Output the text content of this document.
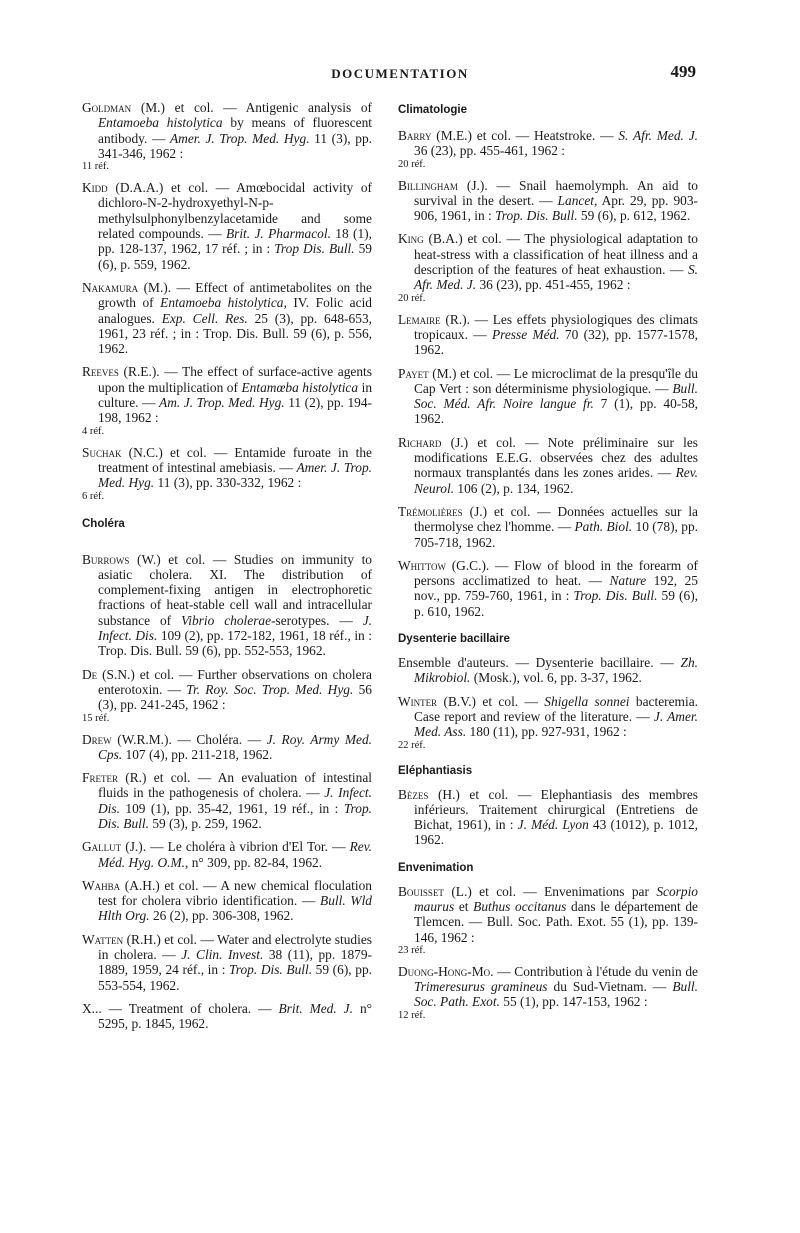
DOCUMENTATION	499

Goldman (M.) et col. — Antigenic analysis of Entamoeba histolytica by means of fluorescent antibody. — Amer. J. Trop. Med. Hyg. 11 (3), pp. 341-346, 1962 :
11 réf.

Kidd (D.A.A.) et col. — Amœbocidal activity of dichloro-N-2-hydroxyethyl-N-p-methylsulphonylbenzylacetamide and some related compounds. — Brit. J. Pharmacol. 18 (1), pp. 128-137, 1962, 17 réf. ; in : Trop Dis. Bull. 59 (6), p. 559, 1962.

Nakamura (M.). — Effect of antimetabolites on the growth of Entamoeba histolytica, IV. Folic acid analogues. Exp. Cell. Res. 25 (3), pp. 648-653, 1961, 23 réf. ; in : Trop. Dis. Bull. 59 (6), p. 556, 1962.

Reeves (R.E.). — The effect of surface-active agents upon the multiplication of Entamœba histolytica in culture. — Am. J. Trop. Med. Hyg. 11 (2), pp. 194-198, 1962 :
4 réf.

Suchak (N.C.) et col. — Entamide furoate in the treatment of intestinal amebiasis. — Amer. J. Trop. Med. Hyg. 11 (3), pp. 330-332, 1962 :
6 réf.

Choléra

Burrows (W.) et col. — Studies on immunity to asiatic cholera. XI. The distribution of complement-fixing antigen in electrophoretic fractions of heat-stable cell wall and intracellular substance of Vibrio cholerae-serotypes. — J. Infect. Dis. 109 (2), pp. 172-182, 1961, 18 réf., in : Trop. Dis. Bull. 59 (6), pp. 552-553, 1962.

De (S.N.) et col. — Further observations on cholera enterotoxin. — Tr. Roy. Soc. Trop. Med. Hyg. 56 (3), pp. 241-245, 1962 :
15 réf.

Drew (W.R.M.). — Choléra. — J. Roy. Army Med. Cps. 107 (4), pp. 211-218, 1962.

Freter (R.) et col. — An evaluation of intestinal fluids in the pathogenesis of cholera. — J. Infect. Dis. 109 (1), pp. 35-42, 1961, 19 réf., in : Trop. Dis. Bull. 59 (3), p. 259, 1962.

Gallut (J.). — Le choléra à vibrion d'El Tor. — Rev. Méd. Hyg. O.M., n° 309, pp. 82-84, 1962.

Wahba (A.H.) et col. — A new chemical floculation test for cholera vibrio identification. — Bull. Wld Hlth Org. 26 (2), pp. 306-308, 1962.

Watten (R.H.) et col. — Water and electrolyte studies in cholera. — J. Clin. Invest. 38 (11), pp. 1879-1889, 1959, 24 réf., in : Trop. Dis. Bull. 59 (6), pp. 553-554, 1962.

X... — Treatment of cholera. — Brit. Med. J. n° 5295, p. 1845, 1962.

Climatologie

Barry (M.E.) et col. — Heatstroke. — S. Afr. Med. J. 36 (23), pp. 455-461, 1962 :
20 réf.

Billingham (J.). — Snail haemolymph. An aid to survival in the desert. — Lancet, Apr. 29, pp. 903-906, 1961, in : Trop. Dis. Bull. 59 (6), p. 612, 1962.

King (B.A.) et col. — The physiological adaptation to heat-stress with a classification of heat illness and a description of the features of heat exhaustion. — S. Afr. Med. J. 36 (23), pp. 451-455, 1962 :
20 réf.

Lemaire (R.). — Les effets physiologiques des climats tropicaux. — Presse Méd. 70 (32), pp. 1577-1578, 1962.

Payet (M.) et col. — Le microclimat de la presqu'île du Cap Vert : son déterminisme physiologique. — Bull. Soc. Méd. Afr. Noire langue fr. 7 (1), pp. 40-58, 1962.

Richard (J.) et col. — Note préliminaire sur les modifications E.E.G. observées chez des adultes normaux transplantés dans les zones arides. — Rev. Neurol. 106 (2), p. 134, 1962.

Trémolières (J.) et col. — Données actuelles sur la thermolyse chez l'homme. — Path. Biol. 10 (78), pp. 705-718, 1962.

Whittow (G.C.). — Flow of blood in the forearm of persons acclimatized to heat. — Nature 192, 25 nov., pp. 759-760, 1961, in : Trop. Dis. Bull. 59 (6), p. 610, 1962.

Dysenterie bacillaire

Ensemble d'auteurs. — Dysenterie bacillaire. — Zh. Mikrobiol. (Mosk.), vol. 6, pp. 3-37, 1962.

Winter (B.V.) et col. — Shigella sonnei bacteremia. Case report and review of the literature. — J. Amer. Med. Ass. 180 (11), pp. 927-931, 1962 :
22 réf.

Eléphantiasis

Bèzes (H.) et col. — Elephantiasis des membres inférieurs. Traitement chirurgical (Entretiens de Bichat, 1961), in : J. Méd. Lyon 43 (1012), p. 1012, 1962.

Envenimation

Bouisset (L.) et col. — Envenimations par Scorpio maurus et Buthus occitanus dans le département de Tlemcen. — Bull. Soc. Path. Exot. 55 (1), pp. 139-146, 1962 :
23 réf.

Duong-Hong-Mo. — Contribution à l'étude du venin de Trimeresurus gramineus du Sud-Vietnam. — Bull. Soc. Path. Exot. 55 (1), pp. 147-153, 1962 :
12 réf.
